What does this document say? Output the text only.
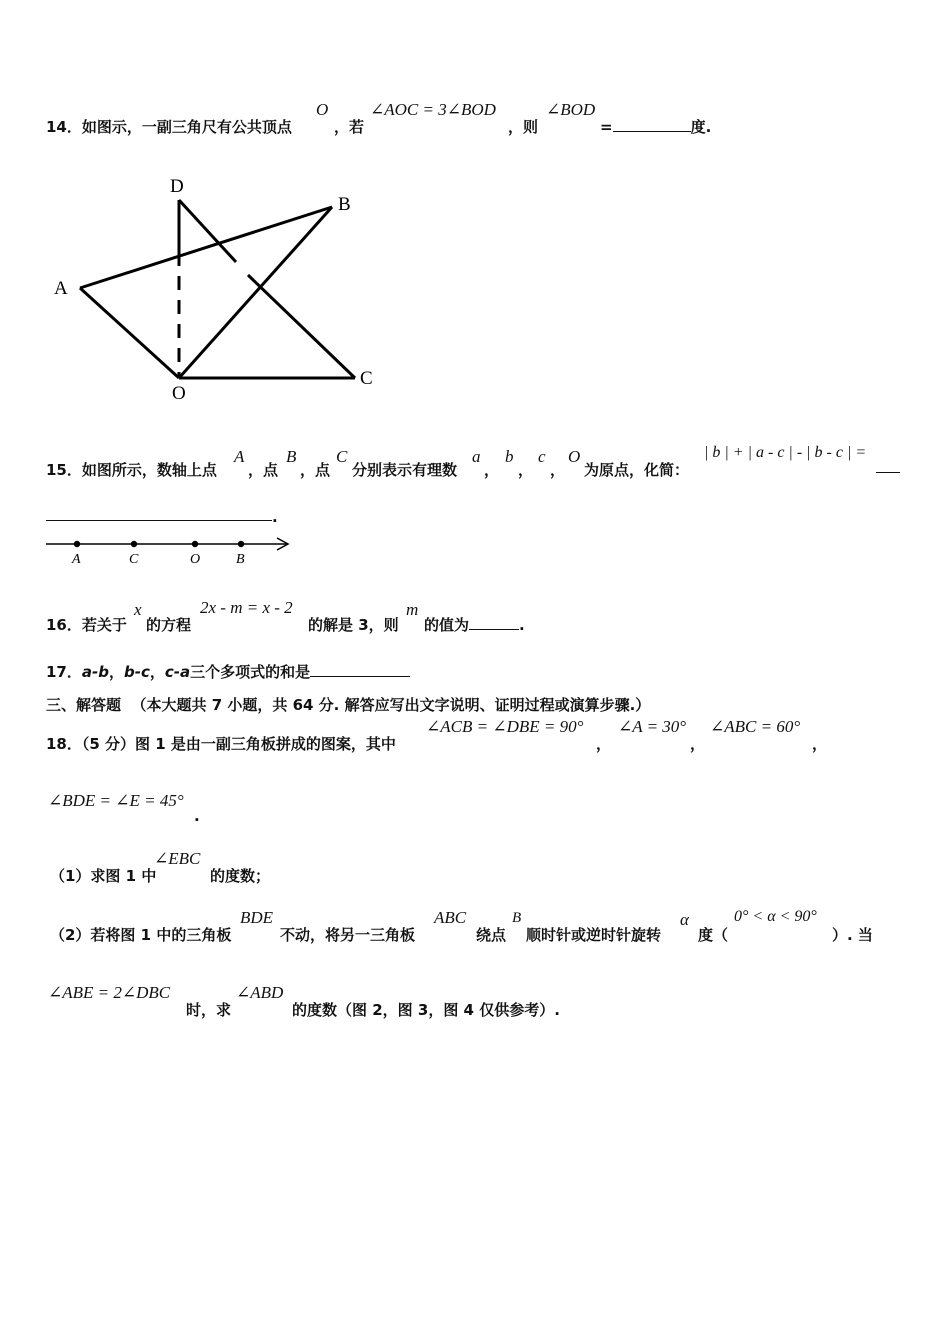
14．如图示，一副三角尺有公共顶点
O
，若
∠AOC = 3∠BOD
，则
∠BOD
=	度.
D
B
A
O
C
15．如图所示，数轴上点
A
，点
B
，点
C
分别表示有理数
a
，
b
，
c
，
O
为原点，化简：
| b | + | a - c | - | b - c | =
.
A	C	O	B
16．若关于
x
的方程
2x - m = x - 2
的解是 3，则
m
的值为	.
17．a-b，b-c，c-a三个多项式的和是
三、解答题 （本大题共 7 小题，共 64 分. 解答应写出文字说明、证明过程或演算步骤.）
18．（5 分）图 1 是由一副三角板拼成的图案，其中
∠ACB = ∠DBE = 90°
，
∠A = 30°
，
∠ABC = 60°
，
∠BDE = ∠E = 45°
.
（1）求图 1 中
∠EBC
的度数；
（2）若将图 1 中的三角板
BDE
不动，将另一三角板
ABC
绕点
B
顺时针或逆时针旋转
α
度（
0° < α < 90°
）. 当
∠ABE = 2∠DBC
时，求
∠ABD
的度数（图 2，图 3，图 4 仅供参考）.
